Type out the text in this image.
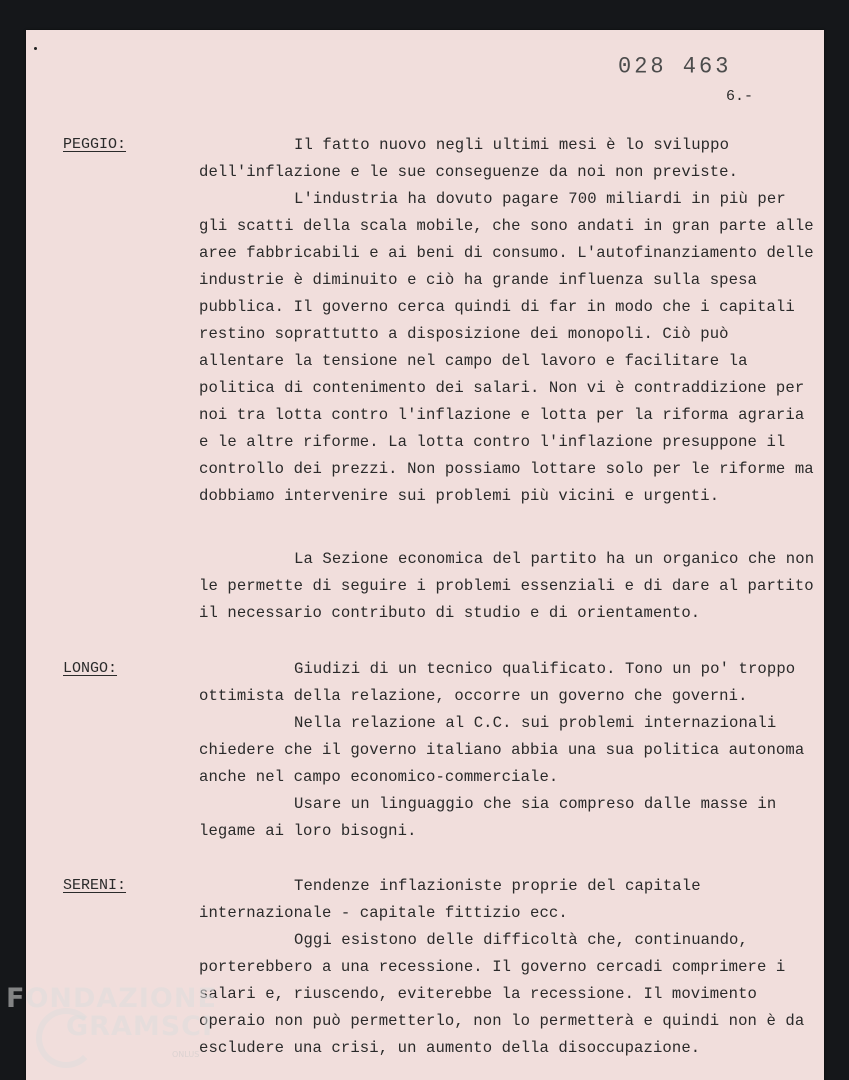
028 463
6.-
PEGGIO:	Il fatto nuovo negli ultimi mesi è lo sviluppo dell'inflazione e le sue conseguenze da noi non previste.

L'industria ha dovuto pagare 700 miliardi in più per gli scatti della scala mobile, che sono andati in gran parte alle aree fabbricabili e ai beni di consumo. L'autofinanziamento delle industrie è diminuito e ciò ha grande influenza sulla spesa pubblica. Il governo cerca quindi di far in modo che i capitali restino soprattutto a disposizione dei monopoli. Ciò può allentare la tensione nel campo del lavoro e facilitare la politica di contenimento dei salari. Non vi è contraddizione per noi tra lotta contro l'inflazione e lotta per la riforma agraria e le altre riforme. La lotta contro l'inflazione presuppone il controllo dei prezzi. Non possiamo lottare solo per le riforme ma dobbiamo intervenire sui problemi più vicini e urgenti.

La Sezione economica del partito ha un organico che non le permette di seguire i problemi essenziali e di dare al partito il necessario contributo di studio e di orientamento.

LONGO:	Giudizi di un tecnico qualificato. Tono un po' troppo ottimista della relazione, occorre un governo che governi.

Nella relazione al C.C. sui problemi internazionali chiedere che il governo italiano abbia una sua politica autonoma anche nel campo economico-commerciale.

Usare un linguaggio che sia compreso dalle masse in legame ai loro bisogni.

SERENI:	Tendenze inflazioniste proprie del capitale internazionale - capitale fittizio ecc.

Oggi esistono delle difficoltà che, continuando, porterebbero a una recessione. Il governo cercadi comprimere i salari e, riuscendo, eviterebbe la recessione. Il movimento operaio non può permetterlo, non lo permetterà e quindi non è da escludere una crisi, un aumento della disoccupazione.

FONDAZIONE
GRAMSCI
ONLUS
